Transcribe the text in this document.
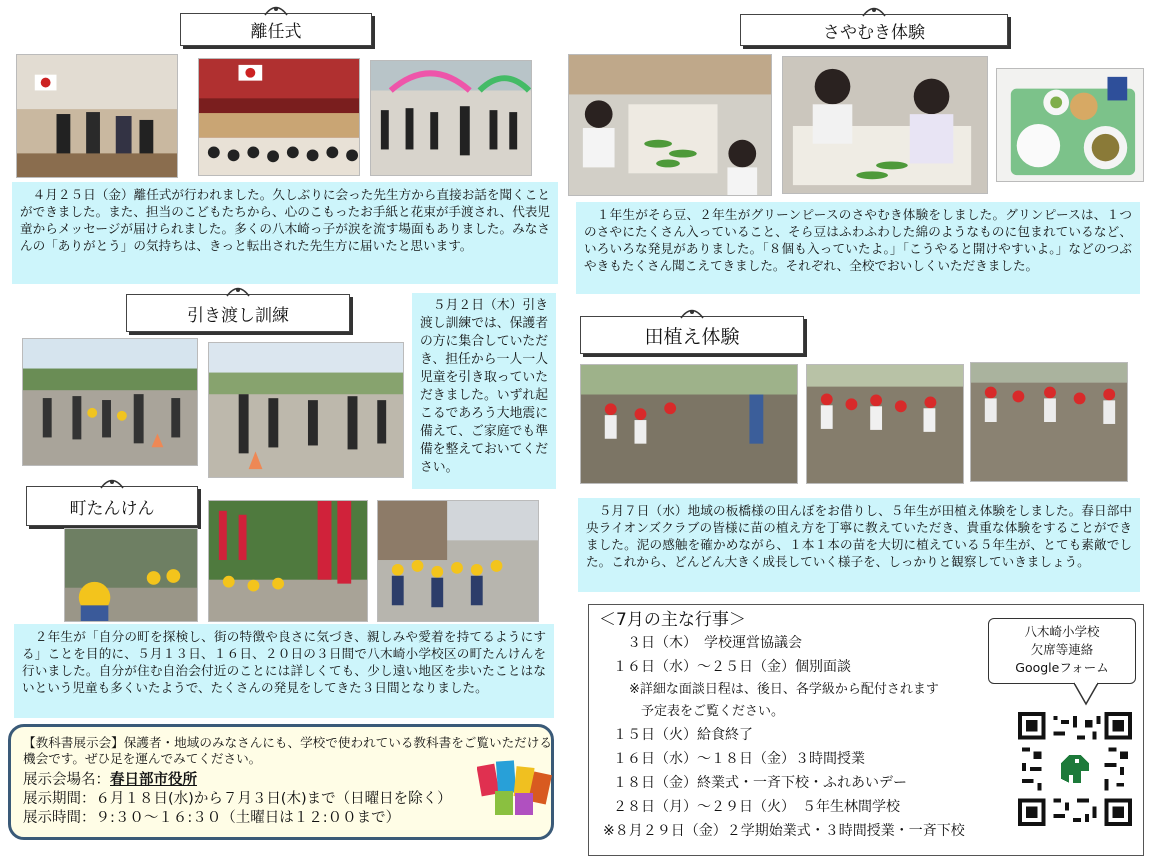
離任式
　４月２５日（金）離任式が行われました。久しぶりに会った先生方から直接お話を聞くことができました。また、担当のこどもたちから、心のこもったお手紙と花束が手渡され、代表児童からメッセージが届けられました。多くの八木崎っ子が涙を流す場面もありました。みなさんの「ありがとう」の気持ちは、きっと転出された先生方に届いたと思います。
引き渡し訓練	　５月２日（木）引き渡し訓練では、保護者の方に集合していただき、担任から一人一人児童を引き取っていただきました。いずれ起こるであろう大地震に備えて、ご家庭でも準備を整えておいてください。
町たんけん
　２年生が「自分の町を探検し、街の特徴や良さに気づき、親しみや愛着を持てるようにする」ことを目的に、５月１３日、１６日、２０日の３日間で八木崎小学校区の町たんけんを行いました。自分が住む自治会付近のことには詳しくても、少し遠い地区を歩いたことはないという児童も多くいたようで、たくさんの発見をしてきた３日間となりました。
【教科書展示会】保護者・地域のみなさんにも、学校で使われている教科書をご覧いただける機会です。ぜひ足を運んでみてください。
展示会場名：春日部市役所
展示期間：６月１８日(水)から７月３日(木)まで（日曜日を除く）
展示時間：９:３０～１６:３０（土曜日は１２:００まで）
さやむき体験
　１年生がそら豆、２年生がグリーンピースのさやむき体験をしました。グリンピースは、１つのさやにたくさん入っていること、そら豆はふわふわした綿のようなものに包まれているなど、いろいろな発見がありました。「８個も入っていたよ。」「こうやると開けやすいよ。」などのつぶやきもたくさん聞こえてきました。それぞれ、全校でおいしくいただきました。
田植え体験
　５月７日（水）地域の板橋様の田んぼをお借りし、５年生が田植え体験をしました。春日部中央ライオンズクラブの皆様に苗の植え方を丁寧に教えていただき、貴重な体験をすることができました。泥の感触を確かめながら、１本１本の苗を大切に植えている５年生が、とても素敵でした。これから、どんどん大きく成長していく様子を、しっかりと観察していきましょう。
＜7月の主な行事＞
３日（木）　学校運営協議会
１６日（水）～２５日（金）個別面談
※詳細な面談日程は、後日、各学級から配付されます
予定表をご覧ください。
１５日（火）給食終了
１６日（水）～１８日（金）３時間授業
１８日（金）終業式・一斉下校・ふれあいデー
２８日（月）～２９日（火）　５年生林間学校
※８月２９日（金）２学期始業式・３時間授業・一斉下校
八木崎小学校
欠席等連絡
Googleフォーム
